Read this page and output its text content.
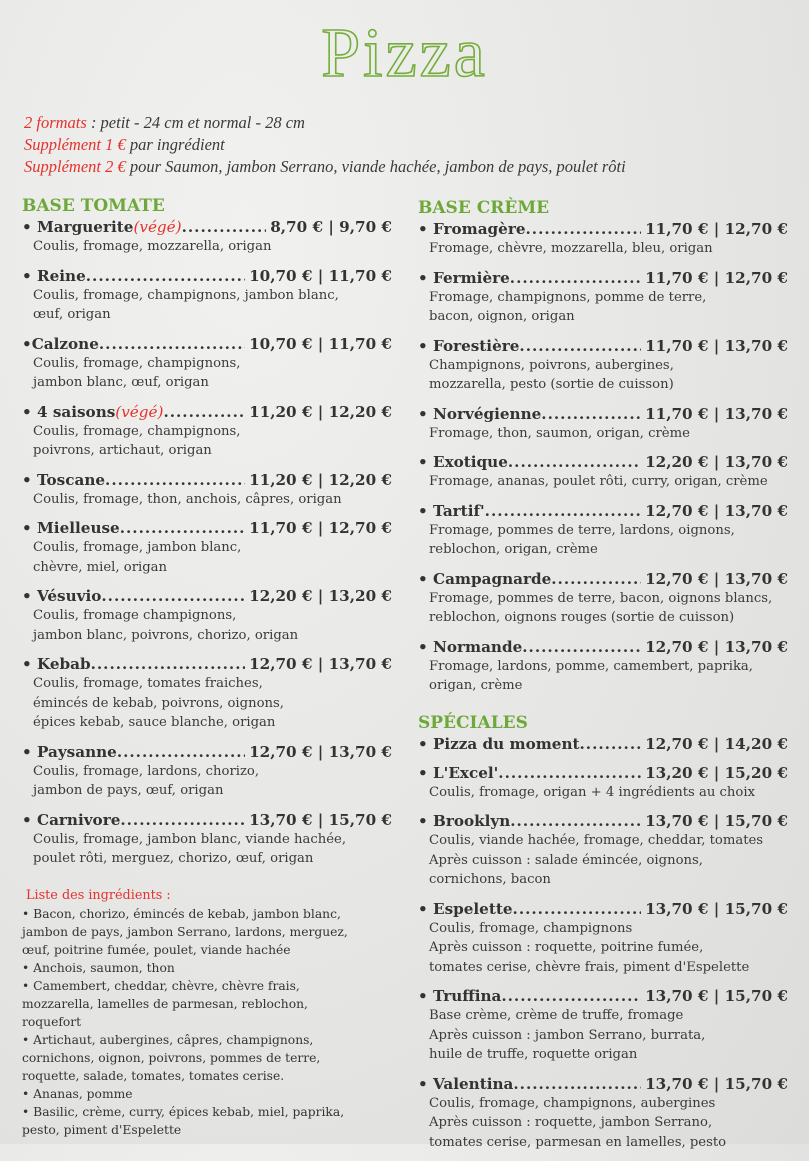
Pizza
2 formats : petit - 24 cm et normal - 28 cm
Supplément 1 € par ingrédient
Supplément 2 € pour Saumon, jambon Serrano, viande hachée, jambon de pays, poulet rôti
BASE TOMATE
• Marguerite (végé) .....	8,70 € | 9,70 €
Coulis, fromage, mozzarella, origan
• Reine .....	10,70 € | 11,70 €
Coulis, fromage, champignons, jambon blanc,
œuf, origan
•Calzone .....	10,70 € | 11,70 €
Coulis, fromage, champignons,
jambon blanc, œuf, origan
• 4 saisons (végé) .....	11,20 € | 12,20 €
Coulis, fromage, champignons,
poivrons, artichaut, origan
• Toscane .....	11,20 € | 12,20 €
Coulis, fromage, thon, anchois, câpres, origan
• Mielleuse .....	11,70 € | 12,70 €
Coulis, fromage, jambon blanc,
chèvre, miel, origan
• Vésuvio .....	12,20 € | 13,20 €
Coulis, fromage champignons,
jambon blanc, poivrons, chorizo, origan
• Kebab .....	12,70 € | 13,70 €
Coulis, fromage, tomates fraiches,
émincés de kebab, poivrons, oignons,
épices kebab, sauce blanche, origan
• Paysanne .....	12,70 € | 13,70 €
Coulis, fromage, lardons, chorizo,
jambon de pays, œuf, origan
• Carnivore .....	13,70 € | 15,70 €
Coulis, fromage, jambon blanc, viande hachée,
poulet rôti, merguez, chorizo, œuf, origan
Liste des ingrédients :
• Bacon, chorizo, émincés de kebab, jambon blanc,
jambon de pays, jambon Serrano, lardons, merguez,
œuf, poitrine fumée, poulet, viande hachée
• Anchois, saumon, thon
• Camembert, cheddar, chèvre, chèvre frais,
mozzarella, lamelles de parmesan, reblochon,
roquefort
• Artichaut, aubergines, câpres, champignons,
cornichons, oignon, poivrons, pommes de terre,
roquette, salade, tomates, tomates cerise.
• Ananas, pomme
• Basilic, crème, curry, épices kebab, miel, paprika,
pesto, piment d'Espelette
BASE CRÈME
• Fromagère .....	11,70 € | 12,70 €
Fromage, chèvre, mozzarella, bleu, origan
• Fermière .....	11,70 € | 12,70 €
Fromage, champignons, pomme de terre,
bacon, oignon, origan
• Forestière .....	11,70 € | 13,70 €
Champignons, poivrons, aubergines,
mozzarella, pesto (sortie de cuisson)
• Norvégienne .....	11,70 € | 13,70 €
Fromage, thon, saumon, origan, crème
• Exotique .....	12,20 € | 13,70 €
Fromage, ananas, poulet rôti, curry, origan, crème
• Tartif' .....	12,70 € | 13,70 €
Fromage, pommes de terre, lardons, oignons,
reblochon, origan, crème
• Campagnarde .....	12,70 € | 13,70 €
Fromage, pommes de terre, bacon, oignons blancs,
reblochon, oignons rouges (sortie de cuisson)
• Normande .....	12,70 € | 13,70 €
Fromage, lardons, pomme, camembert, paprika,
origan, crème
SPÉCIALES
• Pizza du moment .....	12,70 € | 14,20 €
• L'Excel' .....	13,20 € | 15,20 €
Coulis, fromage, origan + 4 ingrédients au choix
• Brooklyn .....	13,70 € | 15,70 €
Coulis, viande hachée, fromage, cheddar, tomates
Après cuisson : salade émincée, oignons,
cornichons, bacon
• Espelette .....	13,70 € | 15,70 €
Coulis, fromage, champignons
Après cuisson : roquette, poitrine fumée,
tomates cerise, chèvre frais, piment d'Espelette
• Truffina .....	13,70 € | 15,70 €
Base crème, crème de truffe, fromage
Après cuisson : jambon Serrano, burrata,
huile de truffe, roquette origan
• Valentina .....	13,70 € | 15,70 €
Coulis, fromage, champignons, aubergines
Après cuisson : roquette, jambon Serrano,
tomates cerise, parmesan en lamelles, pesto
